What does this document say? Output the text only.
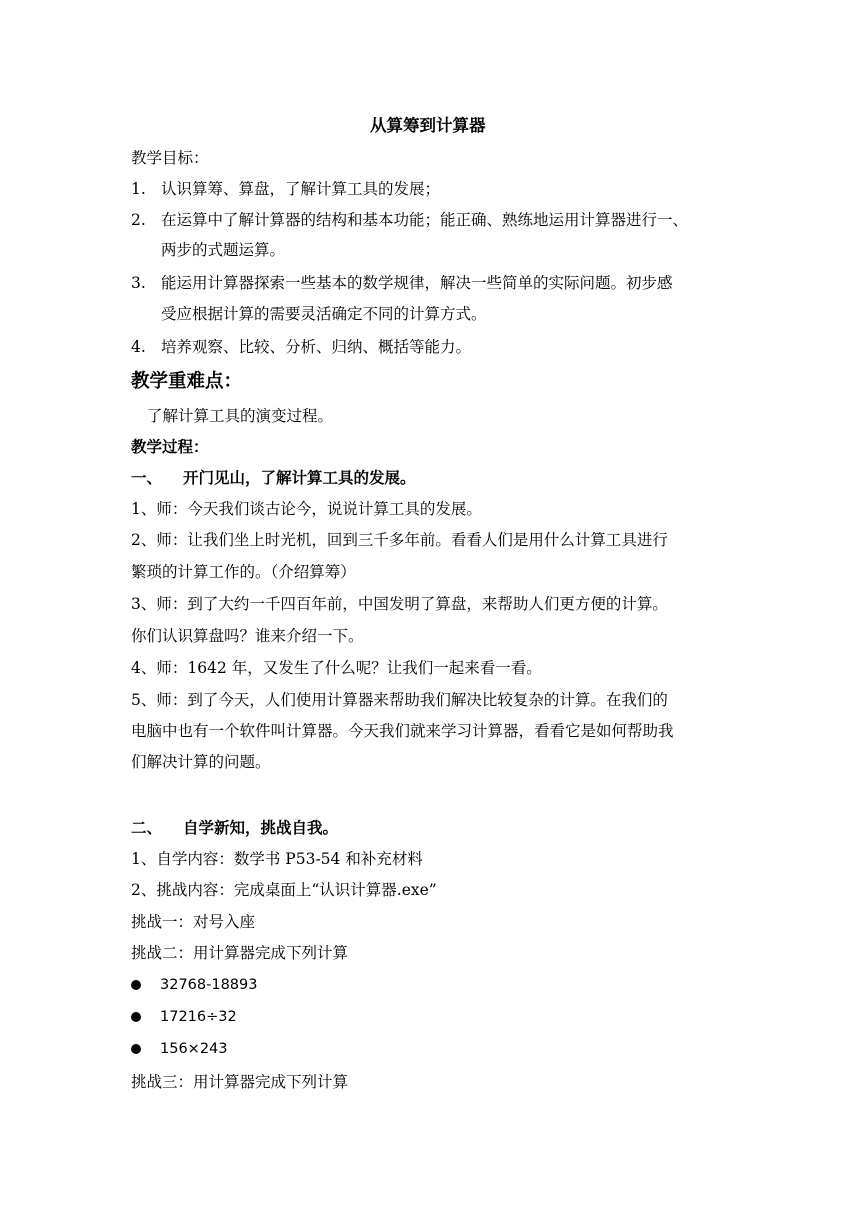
从算筹到计算器
教学目标：
1. 认识算筹、算盘，了解计算工具的发展；
2. 在运算中了解计算器的结构和基本功能；能正确、熟练地运用计算器进行一、
两步的式题运算。
3. 能运用计算器探索一些基本的数学规律，解决一些简单的实际问题。初步感
受应根据计算的需要灵活确定不同的计算方式。
4. 培养观察、比较、分析、归纳、概括等能力。
教学重难点：
了解计算工具的演变过程。
教学过程：
一、 开门见山，了解计算工具的发展。
1、师：今天我们谈古论今，说说计算工具的发展。
2、师：让我们坐上时光机，回到三千多年前。看看人们是用什么计算工具进行
繁琐的计算工作的。（介绍算筹）
3、师：到了大约一千四百年前，中国发明了算盘，来帮助人们更方便的计算。
你们认识算盘吗？谁来介绍一下。
4、师：1642 年，又发生了什么呢？让我们一起来看一看。
5、师：到了今天，人们使用计算器来帮助我们解决比较复杂的计算。在我们的
电脑中也有一个软件叫计算器。今天我们就来学习计算器，看看它是如何帮助我
们解决计算的问题。
二、 自学新知，挑战自我。
1、自学内容：数学书 P53-54 和补充材料
2、挑战内容：完成桌面上“认识计算器.exe”
挑战一：对号入座
挑战二：用计算器完成下列计算
32768-18893
17216÷32
156×243
挑战三：用计算器完成下列计算
